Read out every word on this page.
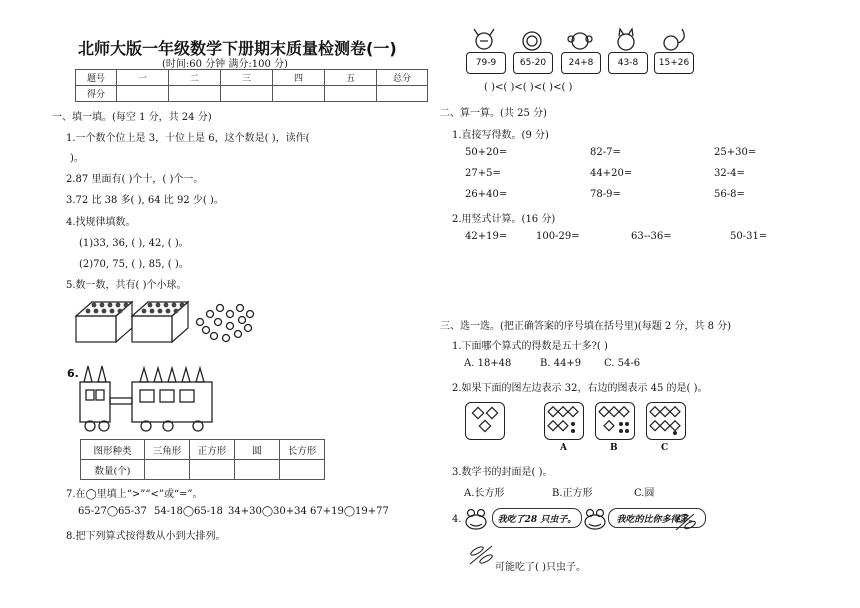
北师大版一年级数学下册期末质量检测卷(一)
(时间:60 分钟 满分:100 分)
题号	一	二	三	四	五	总分
得分						
一、填一填。(每空 1 分，共 24 分)
1.一个数个位上是 3，十位上是 6，这个数是( )，读作(
)。
2.87 里面有( )个十，( )个一。
3.72 比 38 多( ), 64 比 92 少( )。
4.找规律填数。
(1)33, 36, ( ), 42, ( )。
(2)70, 75, ( ), 85, ( )。
5.数一数，共有( )个小球。
6.
图形种类	三角形	正方形	圆	长方形
数量(个)				
7.在◯里填上“>”“<”或“=”。
65-27◯65-37 54-18◯65-18 34+30◯30+34 67+19◯19+77
8.把下列算式按得数从小到大排列。
79-9	65-20	24+8	43-8	15+26
( )<( )<( )<( )<( )
二、算一算。(共 25 分)
1.直接写得数。(9 分)
50+20=	82-7=	25+30=
27+5=	44+20=	32-4=
26+40=	78-9=	56-8=
2.用竖式计算。(16 分)
42+19=	100-29=	63--36=	50-31=
三、选一选。(把正确答案的序号填在括号里)(每题 2 分，共 8 分)
1.下面哪个算式的得数是五十多?( )
A. 18+48	B. 44+9 C. 54-6
2.如果下面的图左边表示 32，右边的图表示 45 的是( )。
A	B	C
3.数学书的封面是( )。
A.长方形	B.正方形	C.圆
4.	我吃了28 只虫子。	我吃的比你多得多。
可能吃了( )只虫子。
